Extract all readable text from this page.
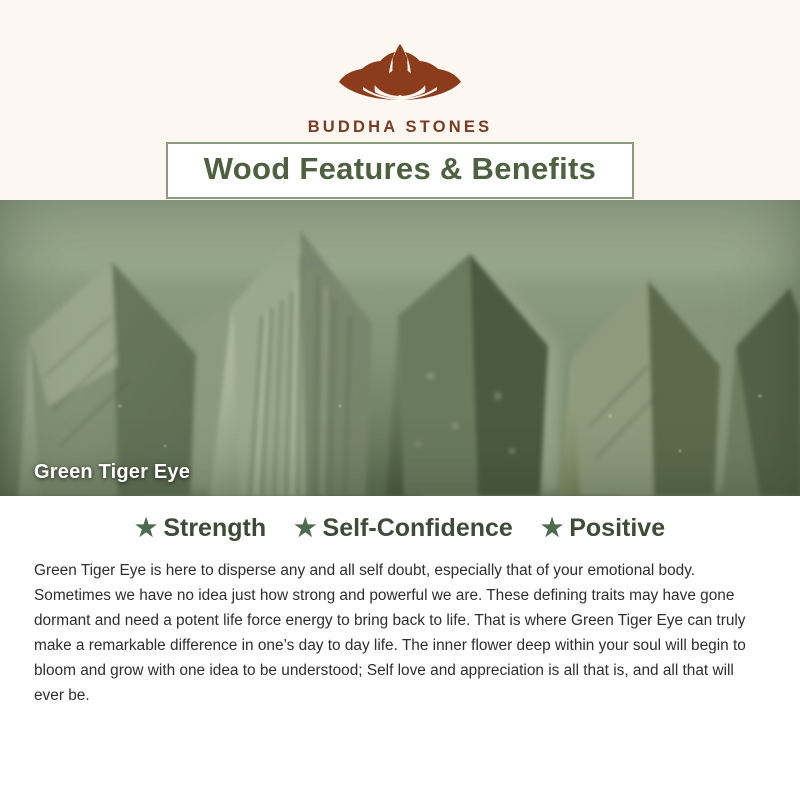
BUDDHA STONES
Wood Features & Benefits
Green Tiger Eye
★ Strength ★ Self-Confidence ★ Positive

Green Tiger Eye is here to disperse any and all self doubt, especially that of your emotional body. Sometimes we have no idea just how strong and powerful we are. These defining traits may have gone dormant and need a potent life force energy to bring back to life. That is where Green Tiger Eye can truly make a remarkable difference in one’s day to day life. The inner flower deep within your soul will begin to bloom and grow with one idea to be understood; Self love and appreciation is all that is, and all that will ever be.
